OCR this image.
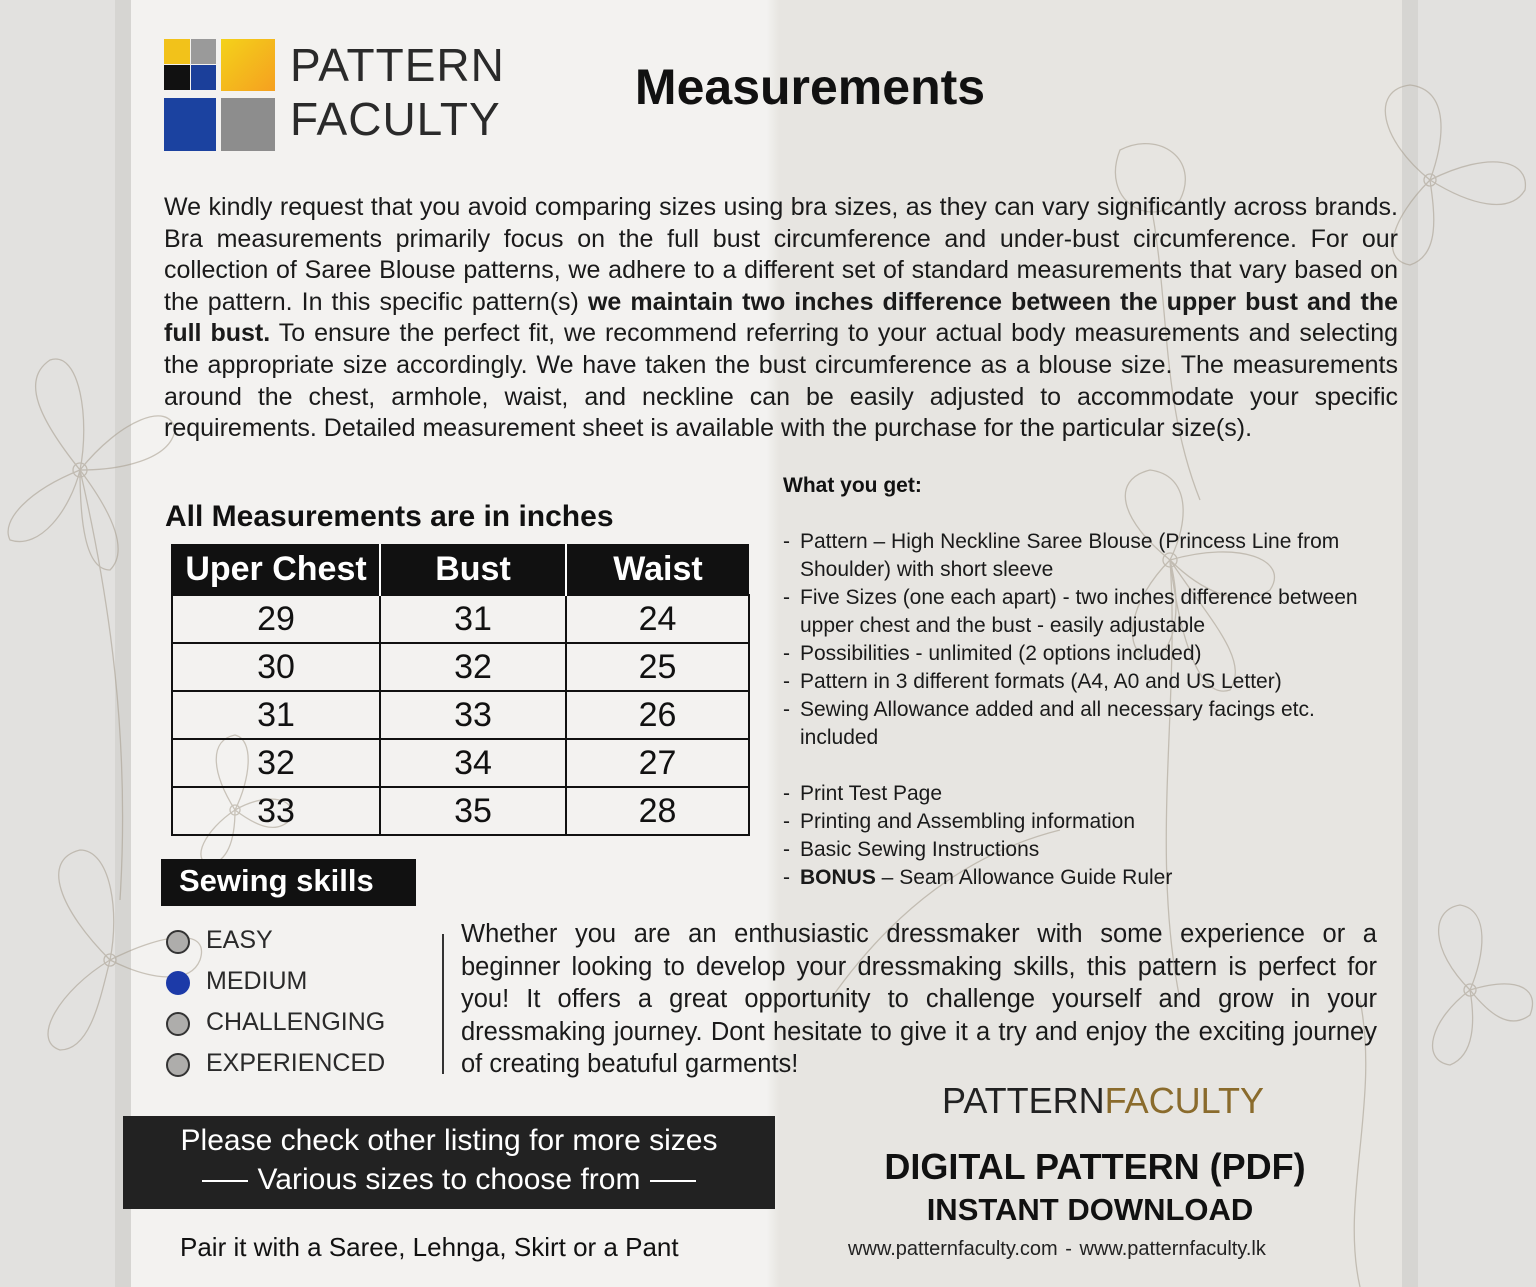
PATTERN
FACULTY
Measurements
We kindly request that you avoid comparing sizes using bra sizes, as they can vary significantly across brands. Bra measurements primarily focus on the full bust circumference and under-bust circumference. For our collection of Saree Blouse patterns, we adhere to a different set of standard measurements that vary based on the pattern. In this specific pattern(s) we maintain two inches difference between the upper bust and the full bust. To ensure the perfect fit, we recommend referring to your actual body measurements and selecting the appropriate size accordingly. We have taken the bust circumference as a blouse size. The measurements around the chest, armhole, waist, and neckline can be easily adjusted to accommodate your specific requirements. Detailed measurement sheet is available with the purchase for the particular size(s).
All Measurements are in inches
Uper Chest	Bust	Waist
29	31	24
30	32	25
31	33	26
32	34	27
33	35	28
What you get:
- Pattern – High Neckline Saree Blouse (Princess Line from Shoulder) with short sleeve
- Five Sizes (one each apart) - two inches difference between upper chest and the bust - easily adjustable
- Possibilities - unlimited (2 options included)
- Pattern in 3 different formats (A4, A0 and US Letter)
- Sewing Allowance added and all necessary facings etc. included
- Print Test Page
- Printing and Assembling information
- Basic Sewing Instructions
- BONUS – Seam Allowance Guide Ruler
Sewing skills
EASY
MEDIUM
CHALLENGING
EXPERIENCED
Whether you are an enthusiastic dressmaker with some experience or a beginner looking to develop your dressmaking skills, this pattern is perfect for you! It offers a great opportunity to challenge yourself and grow in your dressmaking journey. Dont hesitate to give it a try and enjoy the exciting journey of creating beatuful garments!
Please check other listing for more sizes
Various sizes to choose from
Pair it with a Saree, Lehnga, Skirt or a Pant
PATTERNFACULTY
DIGITAL PATTERN (PDF)
INSTANT DOWNLOAD
www.patternfaculty.com - www.patternfaculty.lk
